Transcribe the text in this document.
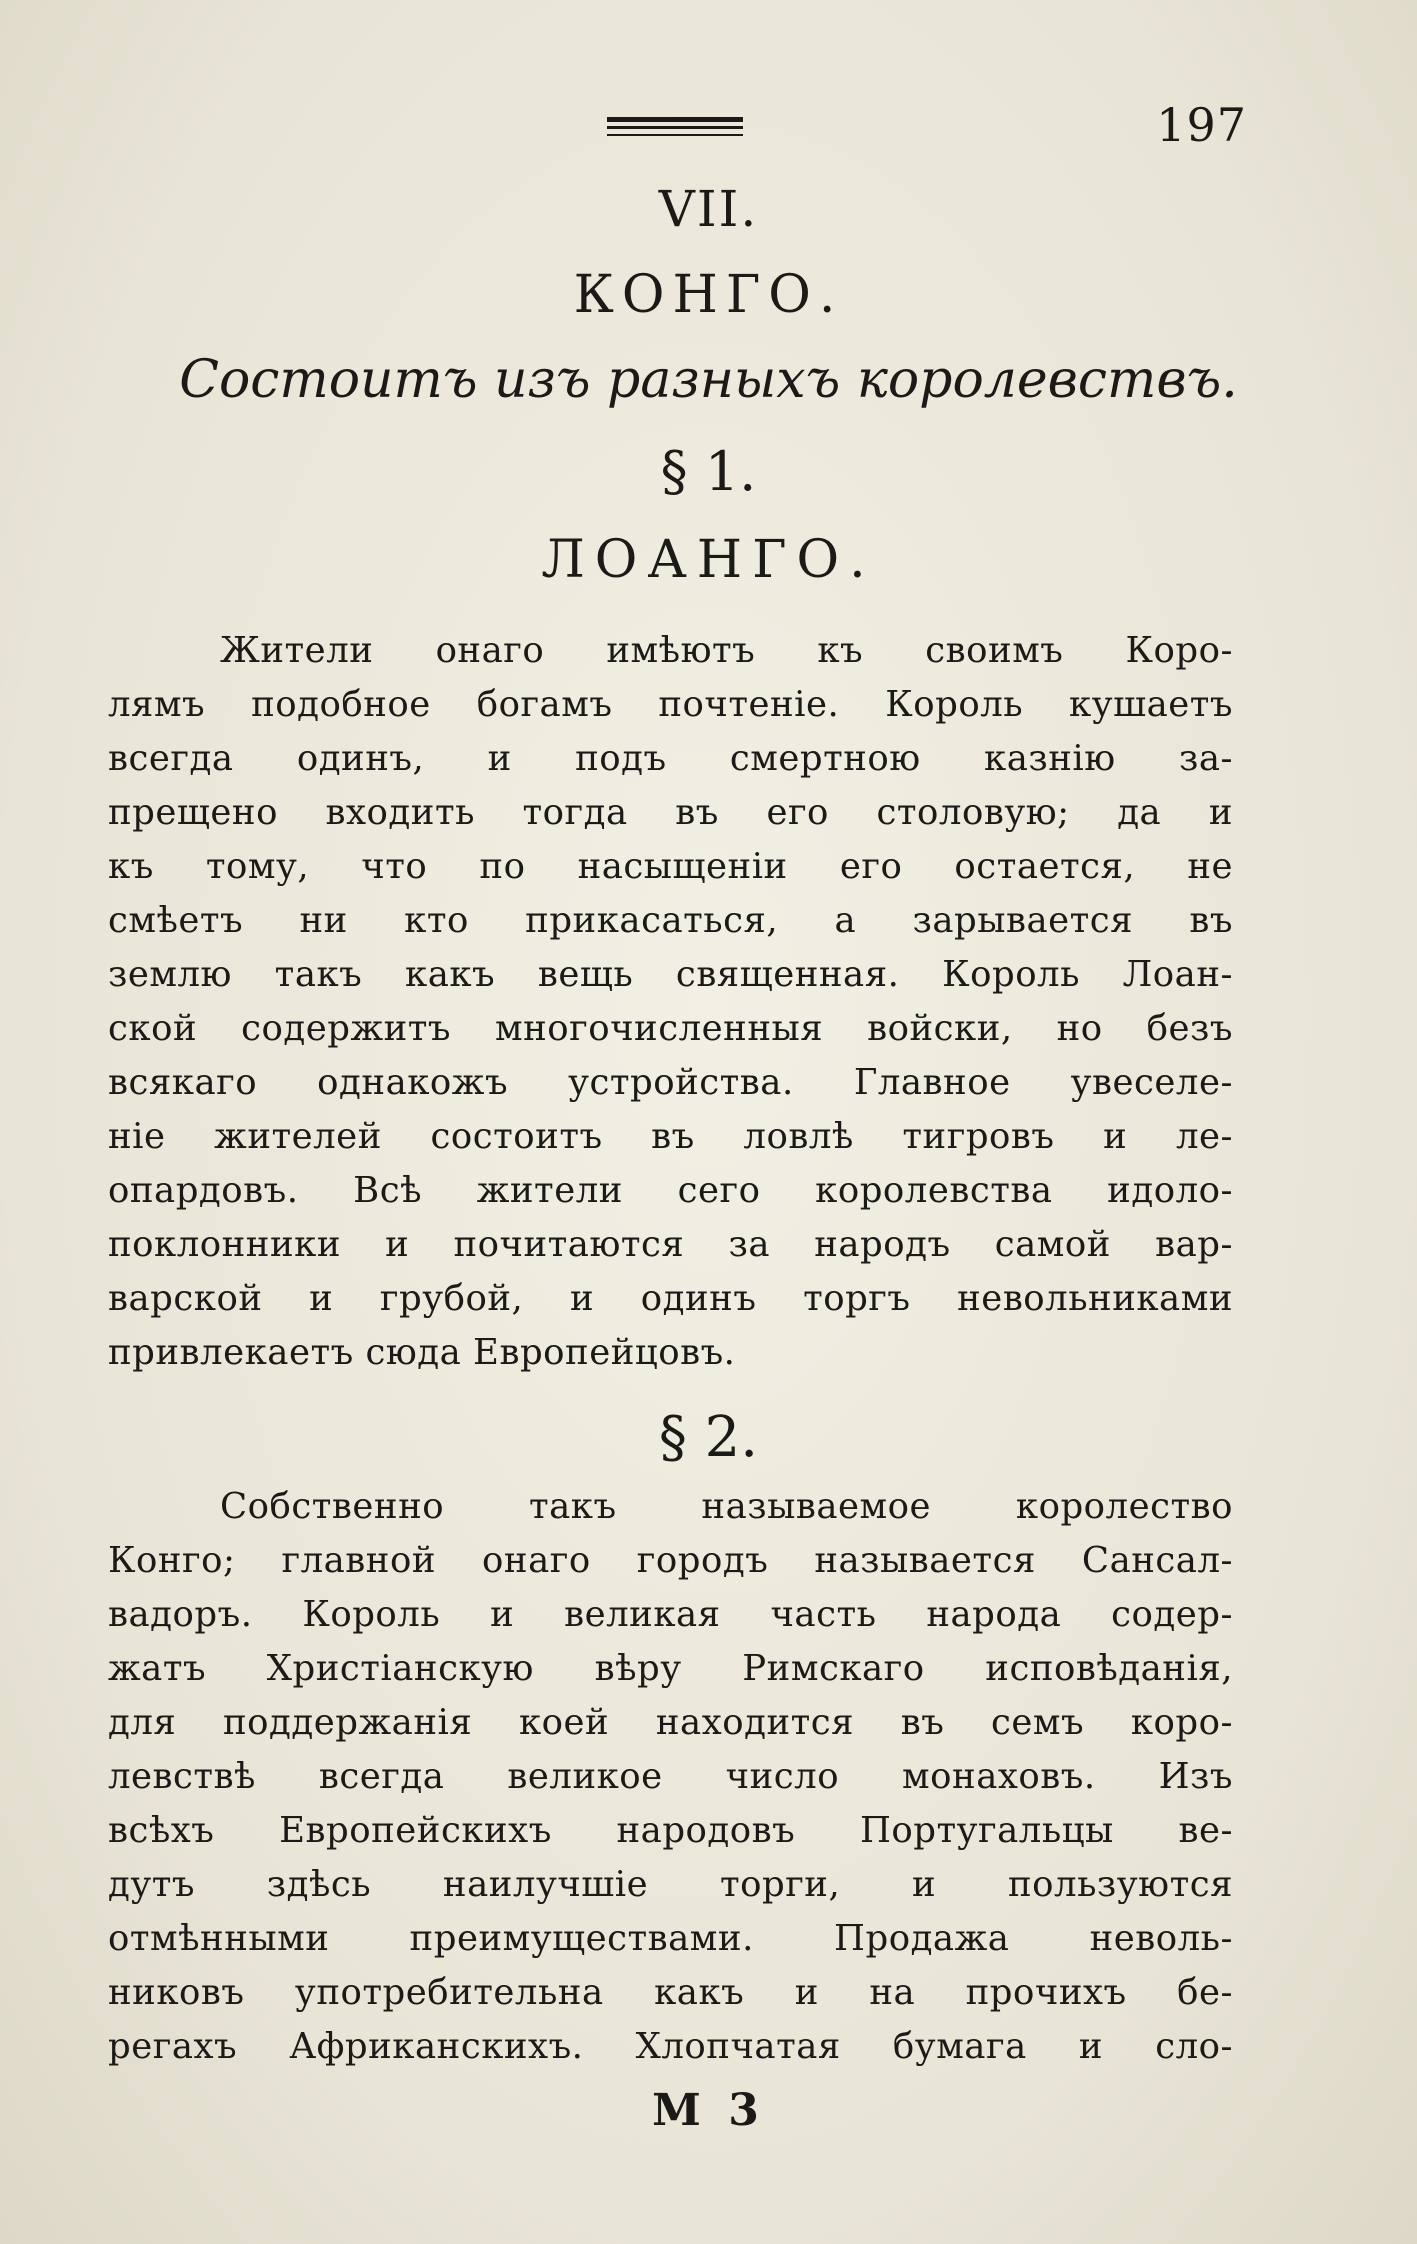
197
VII.
КОНГО.
Состоитъ изъ разныхъ королевствъ.
§ 1.
ЛОАНГО.
Жители онаго имѣютъ къ своимъ Коро-
лямъ подобное богамъ почтеніе. Король кушаетъ
всегда одинъ, и подъ смертною казнію за-
прещено входить тогда въ его столовую; да и
къ тому, что по насыщеніи его остается, не
смѣетъ ни кто прикасаться, а зарывается въ
землю такъ какъ вещь священная. Король Лоан-
ской содержитъ многочисленныя войски, но безъ
всякаго однакожъ устройства. Главное увеселе-
ніе жителей состоитъ въ ловлѣ тигровъ и ле-
опардовъ. Всѣ жители сего королевства идоло-
поклонники и почитаются за народъ самой вар-
варской и грубой, и одинъ торгъ невольниками
привлекаетъ сюда Европейцовъ.
§ 2.
Собственно такъ называемое королество
Конго; главной онаго городъ называется Сансал-
вадоръ. Король и великая часть народа содер-
жатъ Христіанскую вѣру Римскаго исповѣданія,
для поддержанія коей находится въ семъ коро-
левствѣ всегда великое число монаховъ. Изъ
всѣхъ Европейскихъ народовъ Португальцы ве-
дутъ здѣсь наилучшіе торги, и пользуются
отмѣнными преимуществами. Продажа неволь-
никовъ употребительна какъ и на прочихъ бе-
регахъ Африканскихъ. Хлопчатая бумага и сло-
М 3
